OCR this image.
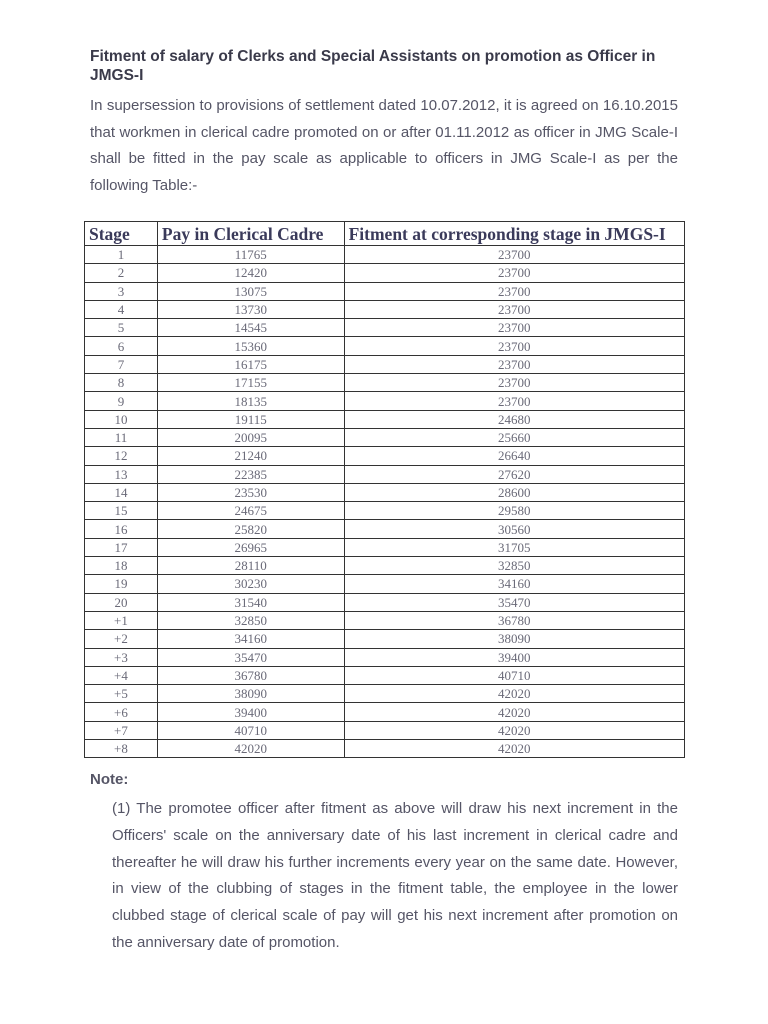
Fitment of salary of Clerks and Special Assistants on promotion as Officer in JMGS-I
In supersession to provisions of settlement dated 10.07.2012, it is agreed on 16.10.2015 that workmen in clerical cadre promoted on or after 01.11.2012 as officer in JMG Scale-I shall be fitted in the pay scale as applicable to officers in JMG Scale-I as per the following Table:-
Stage	Pay in Clerical Cadre	Fitment at corresponding stage in JMGS-I
1	11765	23700
2	12420	23700
3	13075	23700
4	13730	23700
5	14545	23700
6	15360	23700
7	16175	23700
8	17155	23700
9	18135	23700
10	19115	24680
11	20095	25660
12	21240	26640
13	22385	27620
14	23530	28600
15	24675	29580
16	25820	30560
17	26965	31705
18	28110	32850
19	30230	34160
20	31540	35470
+1	32850	36780
+2	34160	38090
+3	35470	39400
+4	36780	40710
+5	38090	42020
+6	39400	42020
+7	40710	42020
+8	42020	42020
Note:
(1) The promotee officer after fitment as above will draw his next increment in the Officers' scale on the anniversary date of his last increment in clerical cadre and thereafter he will draw his further increments every year on the same date. However, in view of the clubbing of stages in the fitment table, the employee in the lower clubbed stage of clerical scale of pay will get his next increment after promotion on the anniversary date of promotion.
